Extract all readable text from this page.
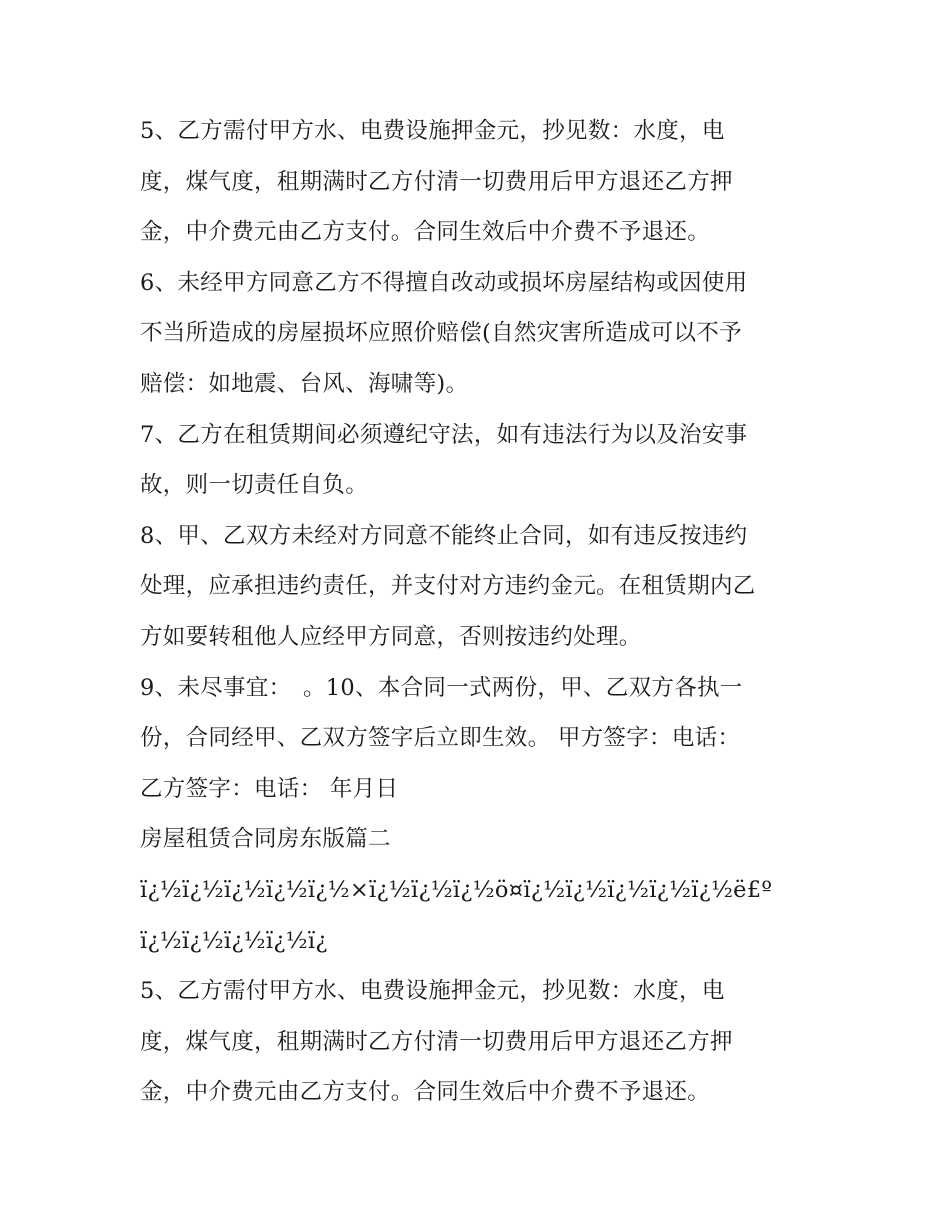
5、乙方需付甲方水、电费设施押金元，抄见数：水度，电
度，煤气度，租期满时乙方付清一切费用后甲方退还乙方押
金，中介费元由乙方支付。合同生效后中介费不予退还。
6、未经甲方同意乙方不得擅自改动或损坏房屋结构或因使用
不当所造成的房屋损坏应照价赔偿(自然灾害所造成可以不予
赔偿：如地震、台风、海啸等)。
7、乙方在租赁期间必须遵纪守法，如有违法行为以及治安事
故，则一切责任自负。
8、甲、乙双方未经对方同意不能终止合同，如有违反按违约
处理，应承担违约责任，并支付对方违约金元。在租赁期内乙
方如要转租他人应经甲方同意，否则按违约处理。
9、未尽事宜：　。10、本合同一式两份，甲、乙双方各执一
份，合同经甲、乙双方签字后立即生效。 甲方签字：电话：
乙方签字：电话： 年月日
房屋租赁合同房东版篇二
ï¿½ï¿½ï¿½ï¿½ï¿½×ï¿½ï¿½ï¿½ö¤ï¿½ï¿½ï¿½ï¿½ï¿½ë£º
ï¿½ï¿½ï¿½ï¿½ï¿
5、乙方需付甲方水、电费设施押金元，抄见数：水度，电
度，煤气度，租期满时乙方付清一切费用后甲方退还乙方押
金，中介费元由乙方支付。合同生效后中介费不予退还。
